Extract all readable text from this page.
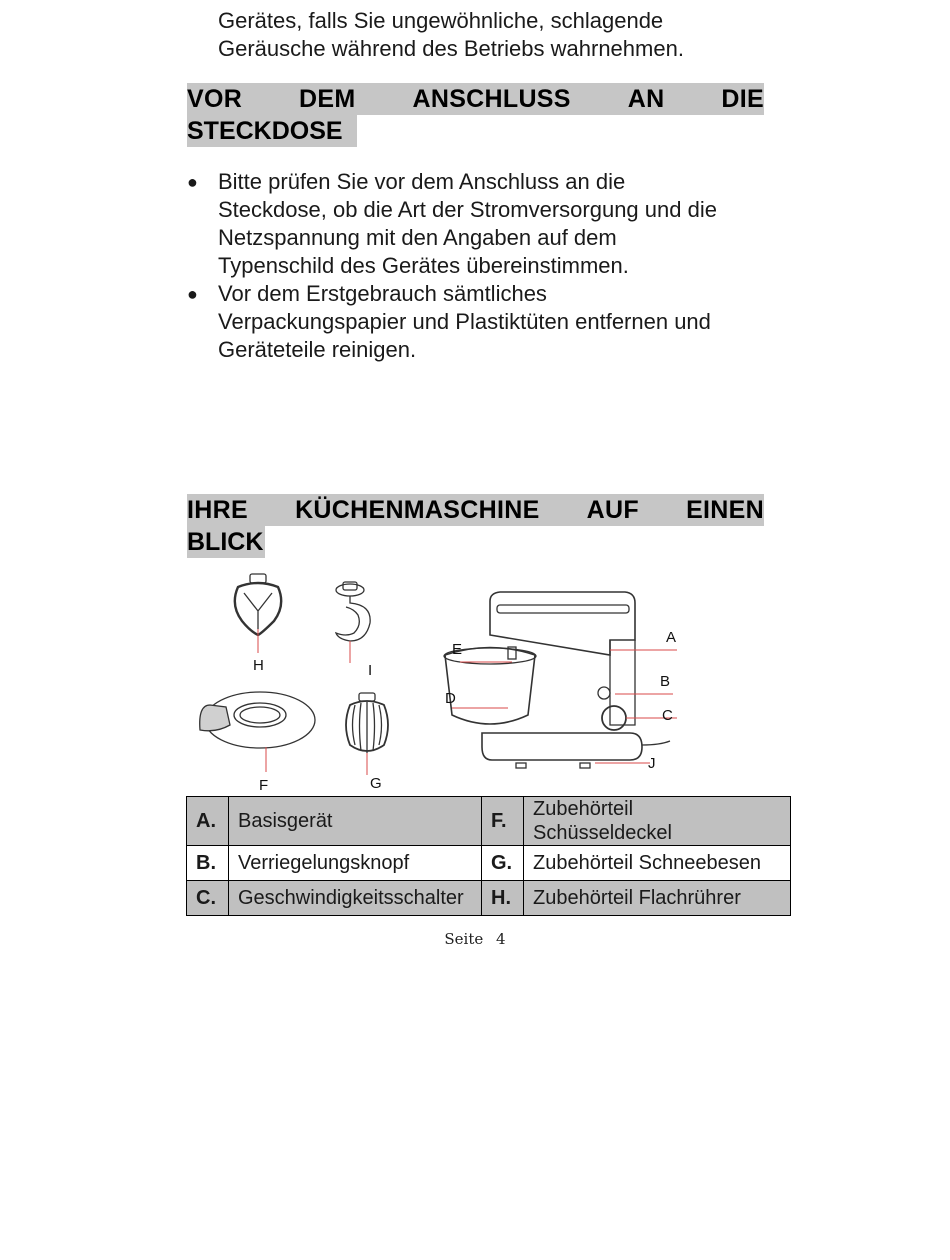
Gerätes, falls Sie ungewöhnliche, schlagende
Geräusche während des Betriebs wahrnehmen.
VOR DEM ANSCHLUSS AN DIE
STECKDOSE
● Bitte prüfen Sie vor dem Anschluss an die
Steckdose, ob die Art der Stromversorgung und die
Netzspannung mit den Angaben auf dem
Typenschild des Gerätes übereinstimmen.
● Vor dem Erstgebrauch sämtliches
Verpackungspapier und Plastiktüten entfernen und
Geräteteile reinigen.
IHRE KÜCHENMASCHINE AUF EINEN
BLICK
H	I
F	G
A
B
C
D
E
J
A.	Basisgerät	F.	Zubehörteil
Schüsseldeckel

B.	Verriegelungsknopf	G.	Zubehörteil Schneebesen
C.	Geschwindigkeitsschalter	H.	Zubehörteil Flachrührer
Seite 4
